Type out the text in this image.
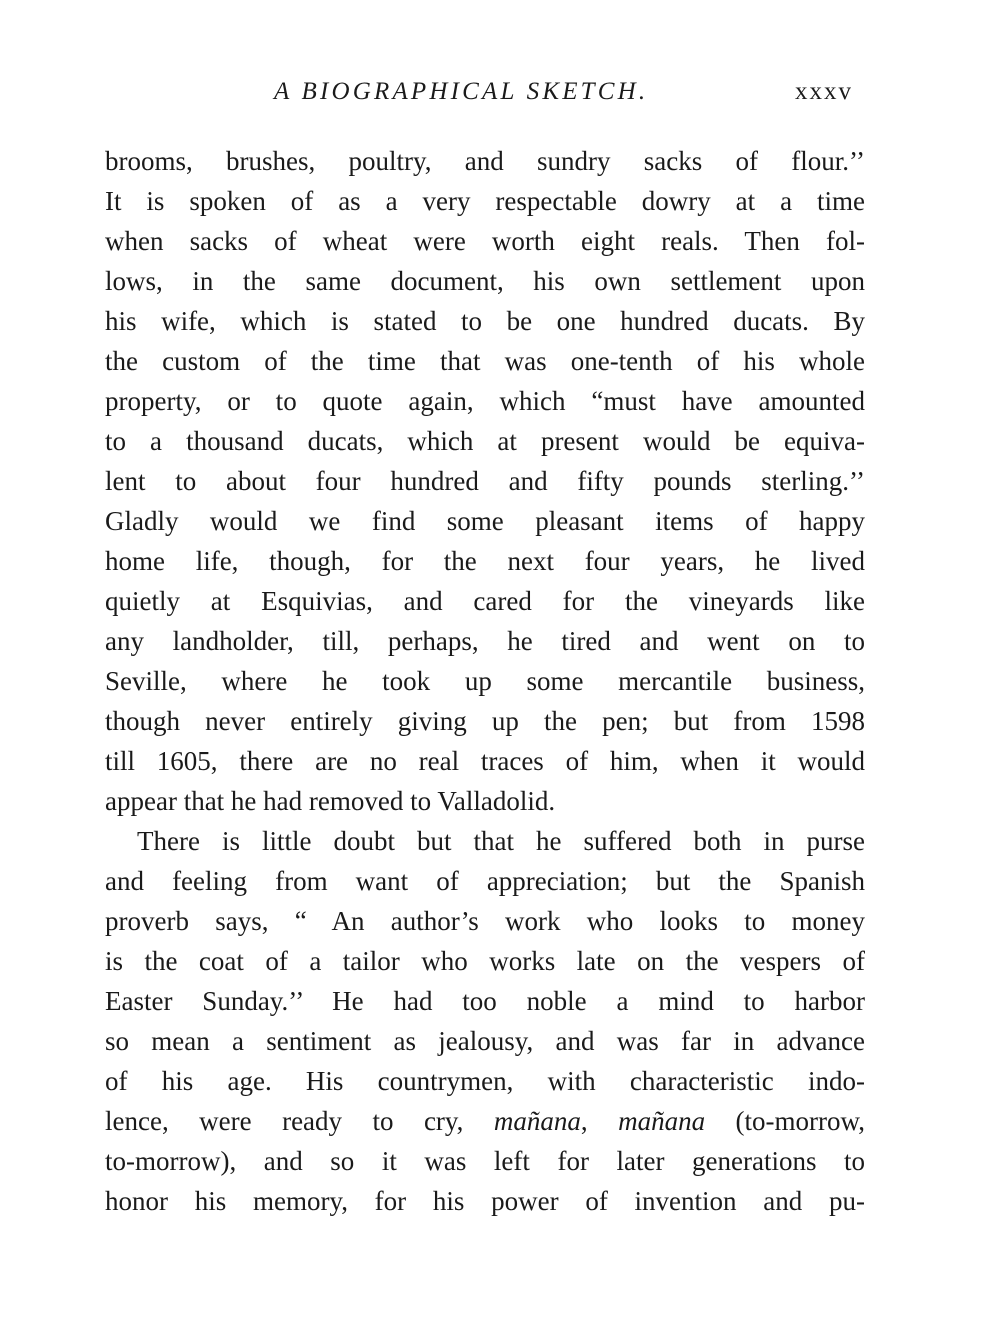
A BIOGRAPHICAL SKETCH.	xxxv
brooms, brushes, poultry, and sundry sacks of flour.’’
It is spoken of as a very respectable dowry at a time
when sacks of wheat were worth eight reals. Then fol-
lows, in the same document, his own settlement upon
his wife, which is stated to be one hundred ducats. By
the custom of the time that was one-tenth of his whole
property, or to quote again, which “must have amounted
to a thousand ducats, which at present would be equiva-
lent to about four hundred and fifty pounds sterling.’’
Gladly would we find some pleasant items of happy
home life, though, for the next four years, he lived
quietly at Esquivias, and cared for the vineyards like
any landholder, till, perhaps, he tired and went on to
Seville, where he took up some mercantile business,
though never entirely giving up the pen; but from 1598
till 1605, there are no real traces of him, when it would
appear that he had removed to Valladolid.
There is little doubt but that he suffered both in purse
and feeling from want of appreciation; but the Spanish
proverb says, “ An author’s work who looks to money
is the coat of a tailor who works late on the vespers of
Easter Sunday.’’ He had too noble a mind to harbor
so mean a sentiment as jealousy, and was far in advance
of his age. His countrymen, with characteristic indo-
lence, were ready to cry, mañana, mañana (to-morrow,
to-morrow), and so it was left for later generations to
honor his memory, for his power of invention and pu-
